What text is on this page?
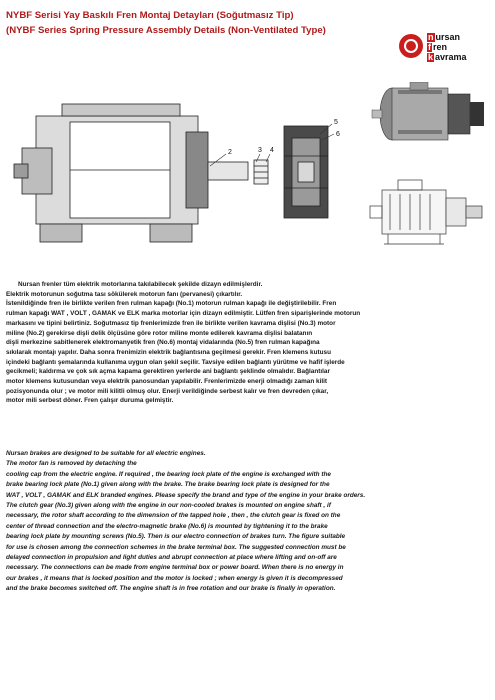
NYBF Serisi Yay Baskılı Fren Montaj Detayları (Soğutmasız Tip)
(NYBF Series Spring Pressure Assembly Details (Non-Ventilated Type)
n ursan
f ren
k avrama
2	3 4
5
6
Nursan frenler tüm elektrik motorlarına takılabilecek şekilde dizayn edilmişlerdir.
Elektrik motorunun soğutma tası sökülerek motorun fanı (pervanesi) çıkartılır.
İstenildiğinde fren ile birlikte verilen fren rulman kapağı (No.1) motorun rulman kapağı ile değiştirilebilir. Fren
rulman kapağı WAT , VOLT , GAMAK ve ELK marka motorlar için dizayn edilmiştir. Lütfen fren siparişlerinde motorun
markasını ve tipini belirtiniz. Soğutmasız tip frenlerimizde fren ile birlikte verilen kavrama dişlisi (No.3) motor
miline (No.2) gerekirse dişli delik ölçüsüne göre rotor miline monte edilerek kavrama dişlisi balatanın
dişli merkezine sabitlenerek elektromanyetik fren (No.6) montaj vidalarında (No.5) fren rulman kapağına
sıkılarak montajı yapılır. Daha sonra frenimizin elektrik bağlantısına geçilmesi gerekir. Fren klemens kutusu
içindeki bağlantı şemalarında kullanıma uygun olan şekil seçilir. Tavsiye edilen bağlantı yürütme ve hafif işlerde
gecikmeli; kaldırma ve çok sık açma kapama gerektiren yerlerde ani bağlantı şeklinde olmalıdır. Bağlantılar
motor klemens kutusundan veya elektrik panosundan yapılabilir. Frenlerimizde enerji olmadığı zaman kilit
pozisyonunda olur ; ve motor mili kilitli olmuş olur. Enerji verildiğinde serbest kalır ve fren devreden çıkar,
motor mili serbest döner. Fren çalışır duruma gelmiştir.
Nursan brakes are designed to be suitable for all electric engines.
The motor fan is removed by detaching the
cooling cap from the electric engine. If required , the bearing lock plate of the engine is exchanged with the
brake bearing lock plate (No.1) given along with the brake. The brake bearing lock plate is designed for the
WAT , VOLT , GAMAK and ELK branded engines. Please specify the brand and type of the engine in your brake orders.
The clutch gear (No.3) given along with the engine in our non-cooled brakes is mounted on engine shaft , if
necessary, the rotor shaft according to the dimension of the tapped hole , then , the clutch gear is fixed on the
center of thread connection and the electro-magnetic brake (No.6) is mounted by tightening it to the brake
bearing lock plate by mounting screws (No.5). Then is our electro connection of brakes turn. The figure suitable
for use is chosen among the connection schemes in the brake terminal box. The suggested connection must be
delayed connection in propulsion and light duties and abrupt connection at place where lifting and on-off are
necessary. The connections can be made from engine terminal box or power board. When there is no energy in
our brakes , it means that is locked position and the motor is locked ; when energy is given it is decompressed
and the brake becomes switched off. The engine shaft is in free rotation and our brake is finally in operation.
